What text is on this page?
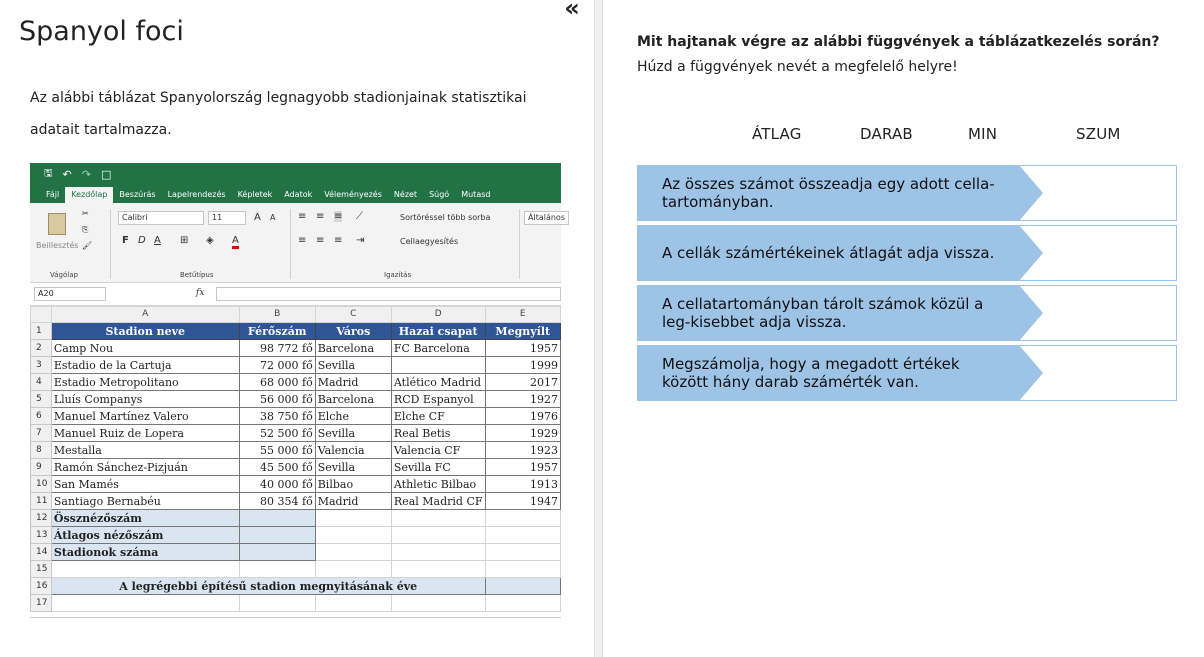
«
Spanyol foci

Az alábbi táblázat Spanyolország legnagyobb stadionjainak statisztikai adatait tartalmazza.

🖫 ↶ ↷ □
Fájl	Kezdőlap	Beszúrás	Lapelrendezés	Képletek	Adatok	Véleményezés	Nézet	Súgó	Mutasd
Beillesztés
✂
⎘
🖌
Vágólap
Calibri	11	A A
F D A ⊞ ◈ A
Betűtípus
≡ ≡ ≡ ⟋	Sortöréssel több sorba
≡ ≡ ≡ ⇥	Cellaegyesítés
Igazítás
Általános
A20	fx
	A	B	C	D	E
1	Stadion neve	Férőszám	Város	Hazai csapat	Megnyílt
2	Camp Nou	98 772 fő	Barcelona	FC Barcelona	1957
3	Estadio de la Cartuja	72 000 fő	Sevilla		1999
4	Estadio Metropolitano	68 000 fő	Madrid	Atlético Madrid	2017
5	Lluís Companys	56 000 fő	Barcelona	RCD Espanyol	1927
6	Manuel Martínez Valero	38 750 fő	Elche	Elche CF	1976
7	Manuel Ruiz de Lopera	52 500 fő	Sevilla	Real Betis	1929
8	Mestalla	55 000 fő	Valencia	Valencia CF	1923
9	Ramón Sánchez-Pizjuán	45 500 fő	Sevilla	Sevilla FC	1957
10	San Mamés	40 000 fő	Bilbao	Athletic Bilbao	1913
11	Santiago Bernabéu	80 354 fő	Madrid	Real Madrid CF	1947
12	Össznézőszám				
13	Átlagos nézőszám				
14	Stadionok száma				
15					
16	A legrégebbi építésű stadion megnyitásának éve				
17					

Mit hajtanak végre az alábbi függvények a táblázatkezelés során? Húzd a függvények nevét a megfelelő helyre!

ÁTLAG	DARAB	MIN	SZUM
Az összes számot összeadja egy adott cella-tartományban.
A cellák számértékeinek átlagát adja vissza.
A cellatartományban tárolt számok közül a leg-kisebbet adja vissza.
Megszámolja, hogy a megadott értékek között hány darab számérték van.
